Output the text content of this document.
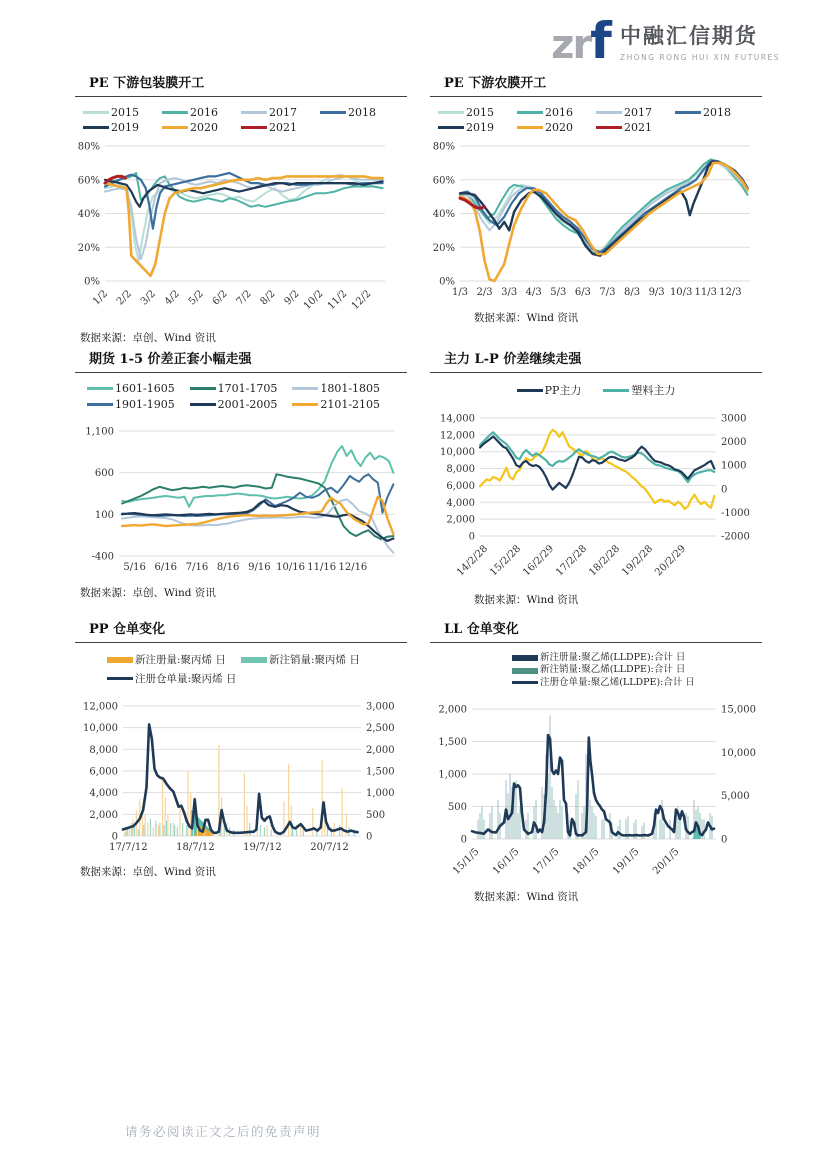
zrf 中融汇信期货
ZHONG RONG HUI XIN FUTURES
PE 下游包装膜开工
2015	2016	2017	2018
2019	2020	2021
0%
20%
40%
60%
80%
1/2 2/2 3/2 4/2 5/2 6/2 7/2 8/2 9/2 10/2 11/2 12/2
数据来源：卓创、Wind 资讯
PE 下游农膜开工
2015	2016	2017	2018
2019	2020	2021
0%
20%
40%
60%
80%
1/3 2/3 3/3 4/3 5/3 6/3 7/3 8/3 9/3 10/3 11/3 12/3
数据来源：Wind 资讯
期货 1-5 价差正套小幅走强
1601-1605	1701-1705	1801-1805
1901-1905	2001-2005	2101-2105
-400
100
600
1,100
5/16 6/16 7/16 8/16 9/16 10/16 11/16 12/16
数据来源：卓创、Wind 资讯
主力 L-P 价差继续走强
PP主力	塑料主力
0
2,000
4,000
6,000
8,000
10,000
12,000
14,000
-2000
-1000
0
1000
2000
3000
14/2/28
15/2/28
16/2/29
17/2/28
18/2/28
19/2/28
20/2/29
数据来源：Wind 资讯
PP 仓单变化
新注册量:聚丙烯 日	新注销量:聚丙烯 日
注册仓单量:聚丙烯 日
0
2,000
4,000
6,000
8,000
10,000
12,000
0
500
1,000
1,500
2,000
2,500
3,000
17/7/12	18/7/12	19/7/12	20/7/12
数据来源：卓创、Wind 资讯
LL 仓单变化
新注册量:聚乙烯(LLDPE):合计 日
新注销量:聚乙烯(LLDPE):合计 日
注册仓单量:聚乙烯(LLDPE):合计 日
0
500
1,000
1,500
2,000
0
5,000
10,000
15,000
15/1/5 16/1/5 17/1/5 18/1/5 19/1/5 20/1/5
数据来源：Wind 资讯
请务必阅读正文之后的免责声明
